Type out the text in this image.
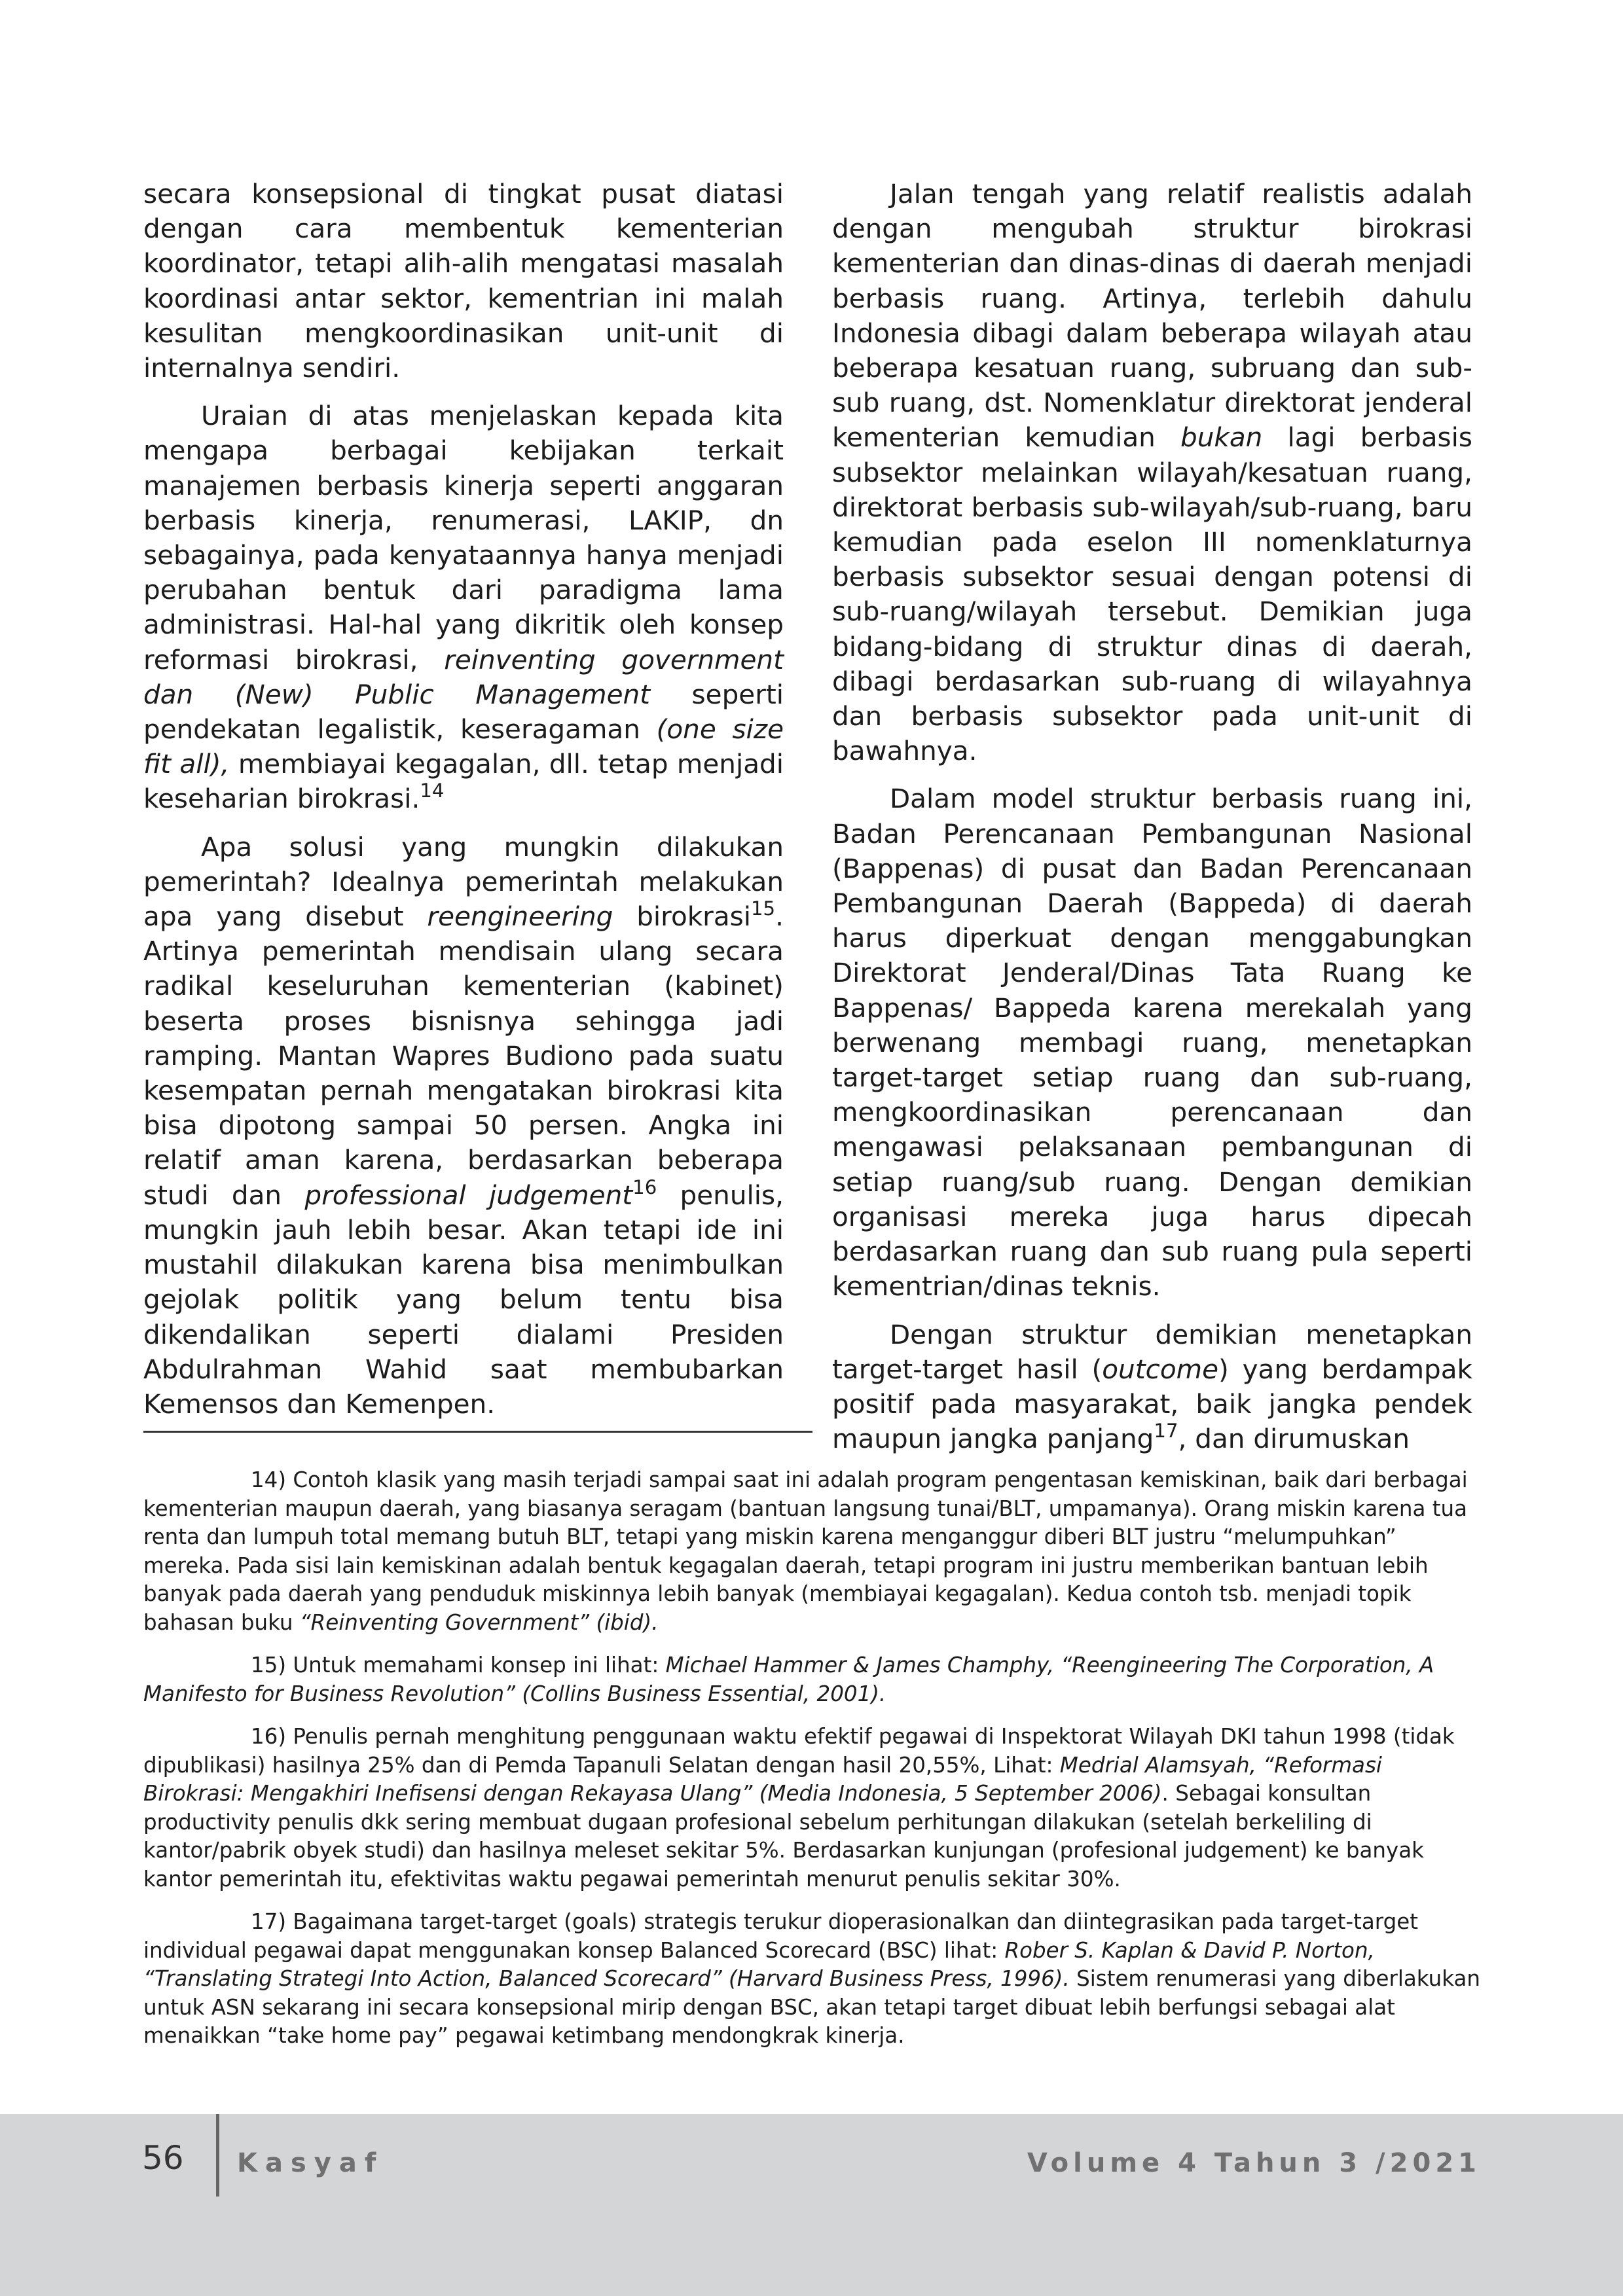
secara konsepsional di tingkat pusat diatasi dengan cara membentuk kementerian koordinator, tetapi alih-alih mengatasi masalah koordinasi antar sektor, kementrian ini malah kesulitan mengkoordinasikan unit-unit di internalnya sendiri.

Uraian di atas menjelaskan kepada kita mengapa berbagai kebijakan terkait manajemen berbasis kinerja seperti anggaran berbasis kinerja, renumerasi, LAKIP, dn sebagainya, pada kenyataannya hanya menjadi perubahan bentuk dari paradigma lama administrasi. Hal-hal yang dikritik oleh konsep reformasi birokrasi, reinventing government dan (New) Public Management seperti pendekatan legalistik, keseragaman (one size fit all), membiayai kegagalan, dll. tetap menjadi keseharian birokrasi.$^{14}$

Apa solusi yang mungkin dilakukan pemerintah? Idealnya pemerintah melakukan apa yang disebut reengineering birokrasi$^{15}$. Artinya pemerintah mendisain ulang secara radikal keseluruhan kementerian (kabinet) beserta proses bisnisnya sehingga jadi ramping. Mantan Wapres Budiono pada suatu kesempatan pernah mengatakan birokrasi kita bisa dipotong sampai 50 persen. Angka ini relatif aman karena, berdasarkan beberapa studi dan professional judgement$^{16}$ penulis, mungkin jauh lebih besar. Akan tetapi ide ini mustahil dilakukan karena bisa menimbulkan gejolak politik yang belum tentu bisa dikendalikan seperti dialami Presiden Abdulrahman Wahid saat membubarkan Kemensos dan Kemenpen.

Jalan tengah yang relatif realistis adalah dengan mengubah struktur birokrasi kementerian dan dinas-dinas di daerah menjadi berbasis ruang. Artinya, terlebih dahulu Indonesia dibagi dalam beberapa wilayah atau beberapa kesatuan ruang, subruang dan sub-sub ruang, dst. Nomenklatur direktorat jenderal kementerian kemudian bukan lagi berbasis subsektor melainkan wilayah/kesatuan ruang, direktorat berbasis sub-wilayah/sub-ruang, baru kemudian pada eselon III nomenklaturnya berbasis subsektor sesuai dengan potensi di sub-ruang/wilayah tersebut. Demikian juga bidang-bidang di struktur dinas di daerah, dibagi berdasarkan sub-ruang di wilayahnya dan berbasis subsektor pada unit-unit di bawahnya.

Dalam model struktur berbasis ruang ini, Badan Perencanaan Pembangunan Nasional (Bappenas) di pusat dan Badan Perencanaan Pembangunan Daerah (Bappeda) di daerah harus diperkuat dengan menggabungkan Direktorat Jenderal/Dinas Tata Ruang ke Bappenas/ Bappeda karena merekalah yang berwenang membagi ruang, menetapkan target-target setiap ruang dan sub-ruang, mengkoordinasikan perencanaan dan mengawasi pelaksanaan pembangunan di setiap ruang/sub ruang. Dengan demikian organisasi mereka juga harus dipecah berdasarkan ruang dan sub ruang pula seperti kementrian/dinas teknis.

Dengan struktur demikian menetapkan target-target hasil (outcome) yang berdampak positif pada masyarakat, baik jangka pendek maupun jangka panjang$^{17}$, dan dirumuskan

14) Contoh klasik yang masih terjadi sampai saat ini adalah program pengentasan kemiskinan, baik dari berbagai kementerian maupun daerah, yang biasanya seragam (bantuan langsung tunai/BLT, umpamanya). Orang miskin karena tua renta dan lumpuh total memang butuh BLT, tetapi yang miskin karena menganggur diberi BLT justru “melumpuhkan” mereka. Pada sisi lain kemiskinan adalah bentuk kegagalan daerah, tetapi program ini justru memberikan bantuan lebih banyak pada daerah yang penduduk miskinnya lebih banyak (membiayai kegagalan). Kedua contoh tsb. menjadi topik bahasan buku “Reinventing Government” (ibid).

15) Untuk memahami konsep ini lihat: Michael Hammer & James Champhy, “Reengineering The Corporation, A Manifesto for Business Revolution” (Collins Business Essential, 2001).

16) Penulis pernah menghitung penggunaan waktu efektif pegawai di Inspektorat Wilayah DKI tahun 1998 (tidak dipublikasi) hasilnya 25% dan di Pemda Tapanuli Selatan dengan hasil 20,55%, Lihat: Medrial Alamsyah, “Reformasi Birokrasi: Mengakhiri Inefisensi dengan Rekayasa Ulang” (Media Indonesia, 5 September 2006). Sebagai konsultan productivity penulis dkk sering membuat dugaan profesional sebelum perhitungan dilakukan (setelah berkeliling di kantor/pabrik obyek studi) dan hasilnya meleset sekitar 5%. Berdasarkan kunjungan (profesional judgement) ke banyak kantor pemerintah itu, efektivitas waktu pegawai pemerintah menurut penulis sekitar 30%.

17) Bagaimana target-target (goals) strategis terukur dioperasionalkan dan diintegrasikan pada target-target individual pegawai dapat menggunakan konsep Balanced Scorecard (BSC) lihat: Rober S. Kaplan & David P. Norton, “Translating Strategi Into Action, Balanced Scorecard” (Harvard Business Press, 1996). Sistem renumerasi yang diberlakukan untuk ASN sekarang ini secara konsepsional mirip dengan BSC, akan tetapi target dibuat lebih berfungsi sebagai alat menaikkan “take home pay” pegawai ketimbang mendongkrak kinerja.

56 Kasyaf	Volume 4 Tahun 3 /2021
